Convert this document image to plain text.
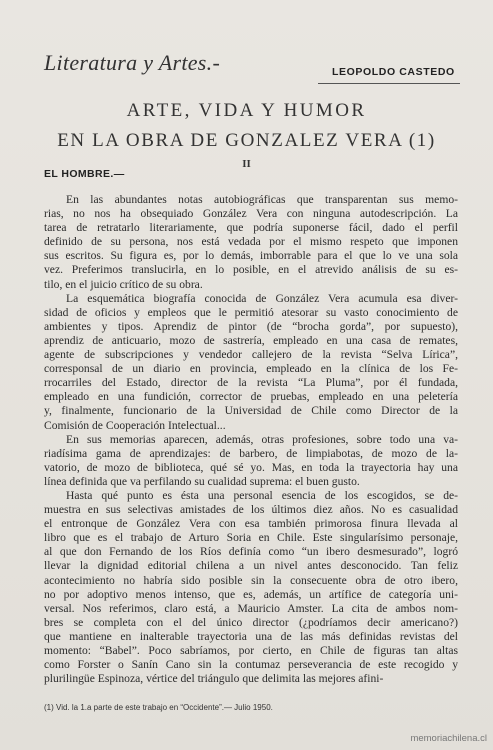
Literatura y Artes.-	LEOPOLDO CASTEDO
ARTE, VIDA Y HUMOR
EN LA OBRA DE GONZALEZ VERA (1)
II
EL HOMBRE.—

En las abundantes notas autobiográficas que transparentan sus memo-
rias, no nos ha obsequiado González Vera con ninguna autodescripción. La
tarea de retratarlo literariamente, que podría suponerse fácil, dado el perfil
definido de su persona, nos está vedada por el mismo respeto que imponen
sus escritos. Su figura es, por lo demás, imborrable para el que lo ve una sola
vez. Preferimos translucirla, en lo posible, en el atrevido análisis de su es-
tilo, en el juicio crítico de su obra.

La esquemática biografía conocida de González Vera acumula esa diver-
sidad de oficios y empleos que le permitió atesorar su vasto conocimiento de
ambientes y tipos. Aprendiz de pintor (de “brocha gorda”, por supuesto),
aprendiz de anticuario, mozo de sastrería, empleado en una casa de remates,
agente de subscripciones y vendedor callejero de la revista “Selva Lírica”,
corresponsal de un diario en provincia, empleado en la clínica de los Fe-
rrocarriles del Estado, director de la revista “La Pluma”, por él fundada,
empleado en una fundición, corrector de pruebas, empleado en una peletería
y, finalmente, funcionario de la Universidad de Chile como Director de la
Comisión de Cooperación Intelectual...

En sus memorias aparecen, además, otras profesiones, sobre todo una va-
riadísima gama de aprendizajes: de barbero, de limpiabotas, de mozo de la-
vatorio, de mozo de biblioteca, qué sé yo. Mas, en toda la trayectoria hay una
línea definida que va perfilando su cualidad suprema: el buen gusto.

Hasta qué punto es ésta una personal esencia de los escogidos, se de-
muestra en sus selectivas amistades de los últimos diez años. No es casualidad
el entronque de González Vera con esa también primorosa finura llevada al
libro que es el trabajo de Arturo Soria en Chile. Este singularísimo personaje,
al que don Fernando de los Ríos definía como “un ibero desmesurado”, logró
llevar la dignidad editorial chilena a un nivel antes desconocido. Tan feliz
acontecimiento no habría sido posible sin la consecuente obra de otro ibero,
no por adoptivo menos intenso, que es, además, un artífice de categoría uni-
versal. Nos referimos, claro está, a Mauricio Amster. La cita de ambos nom-
bres se completa con el del único director (¿podríamos decir americano?)
que mantiene en inalterable trayectoria una de las más definidas revistas del
momento: “Babel”. Poco sabríamos, por cierto, en Chile de figuras tan altas
como Forster o Sanín Cano sin la contumaz perseverancia de este recogido y
plurilingüe Espinoza, vértice del triángulo que delimita las mejores afini-

(1) Vid. la 1.a parte de este trabajo en “Occidente”.— Julio 1950.
memoriachilena.cl
